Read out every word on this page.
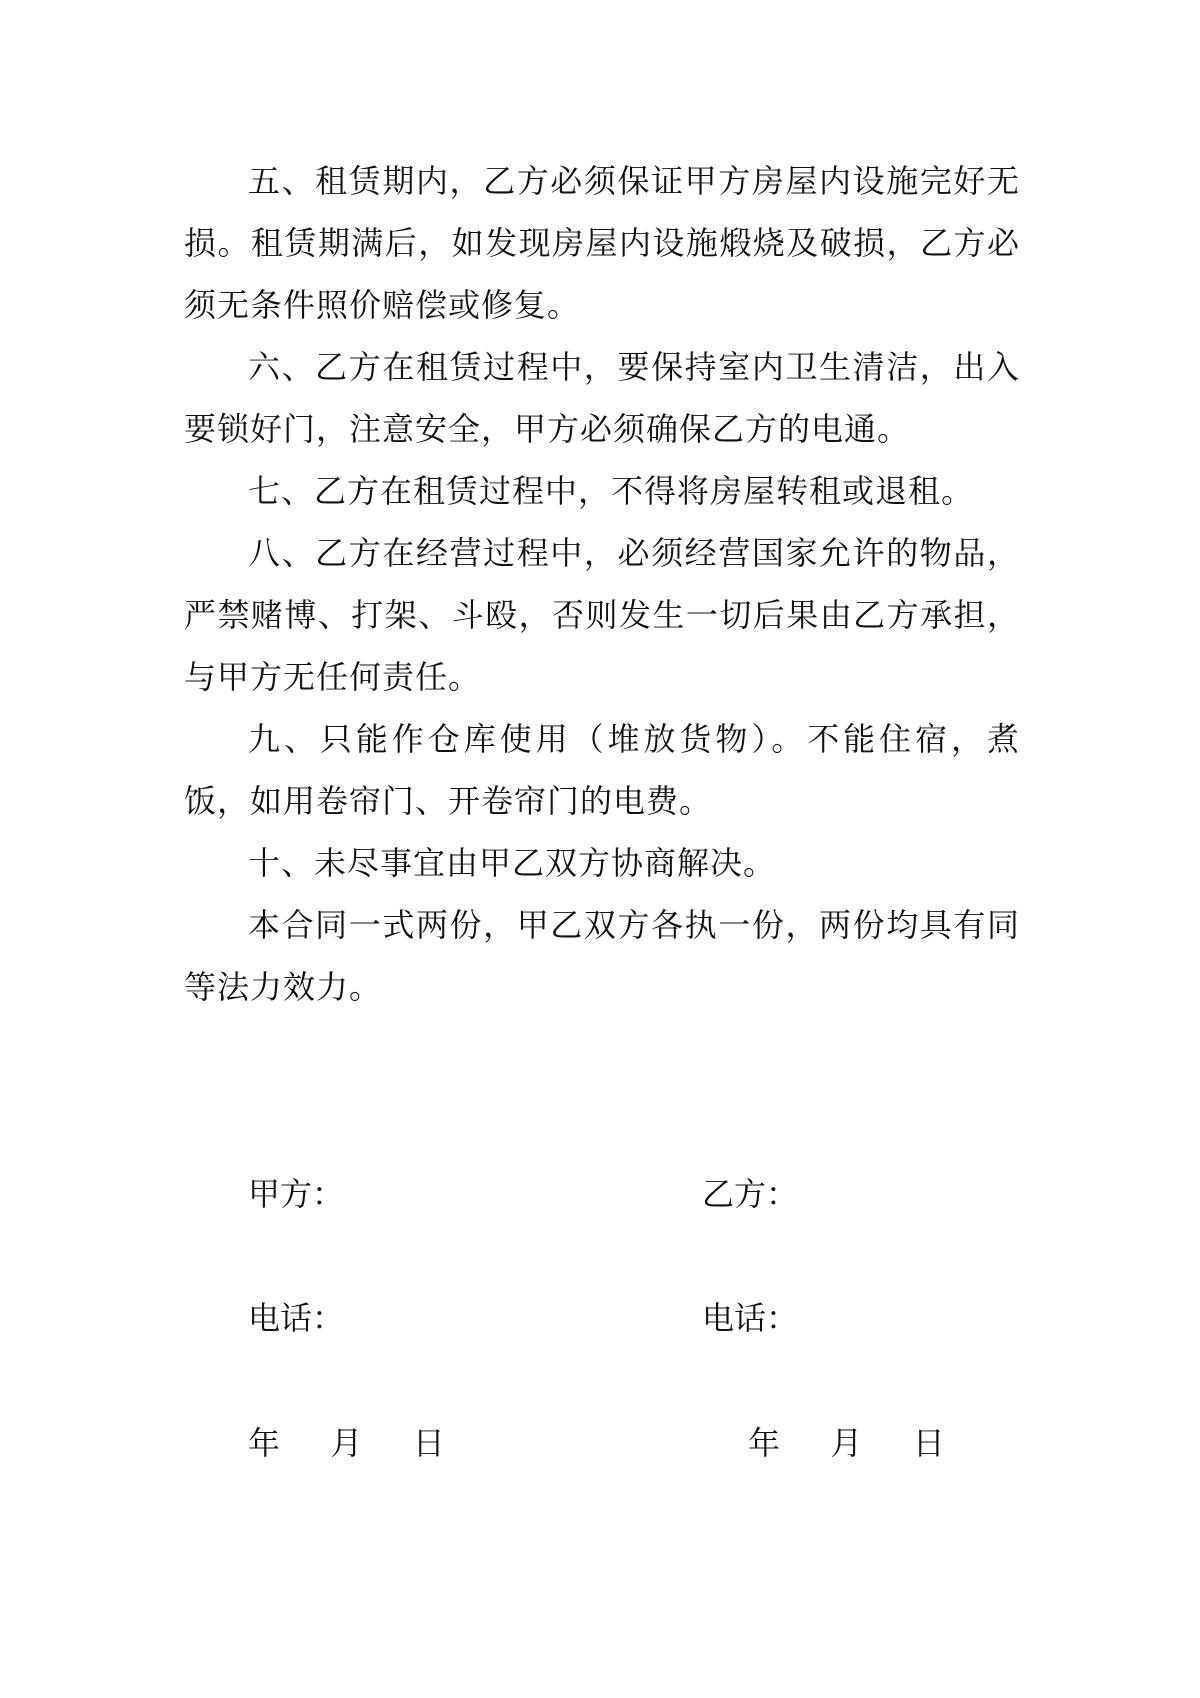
五、租赁期内，乙方必须保证甲方房屋内设施完好无损。租赁期满后，如发现房屋内设施煅烧及破损，乙方必须无条件照价赔偿或修复。

六、乙方在租赁过程中，要保持室内卫生清洁，出入要锁好门，注意安全，甲方必须确保乙方的电通。

七、乙方在租赁过程中，不得将房屋转租或退租。

八、乙方在经营过程中，必须经营国家允许的物品，严禁赌博、打架、斗殴，否则发生一切后果由乙方承担，与甲方无任何责任。

九、只能作仓库使用（堆放货物）。不能住宿，煮饭，如用卷帘门、开卷帘门的电费。

十、未尽事宜由甲乙双方协商解决。

本合同一式两份，甲乙双方各执一份，两份均具有同等法力效力。

甲方：	乙方：
电话：	电话：
年 月 日	年 月 日
